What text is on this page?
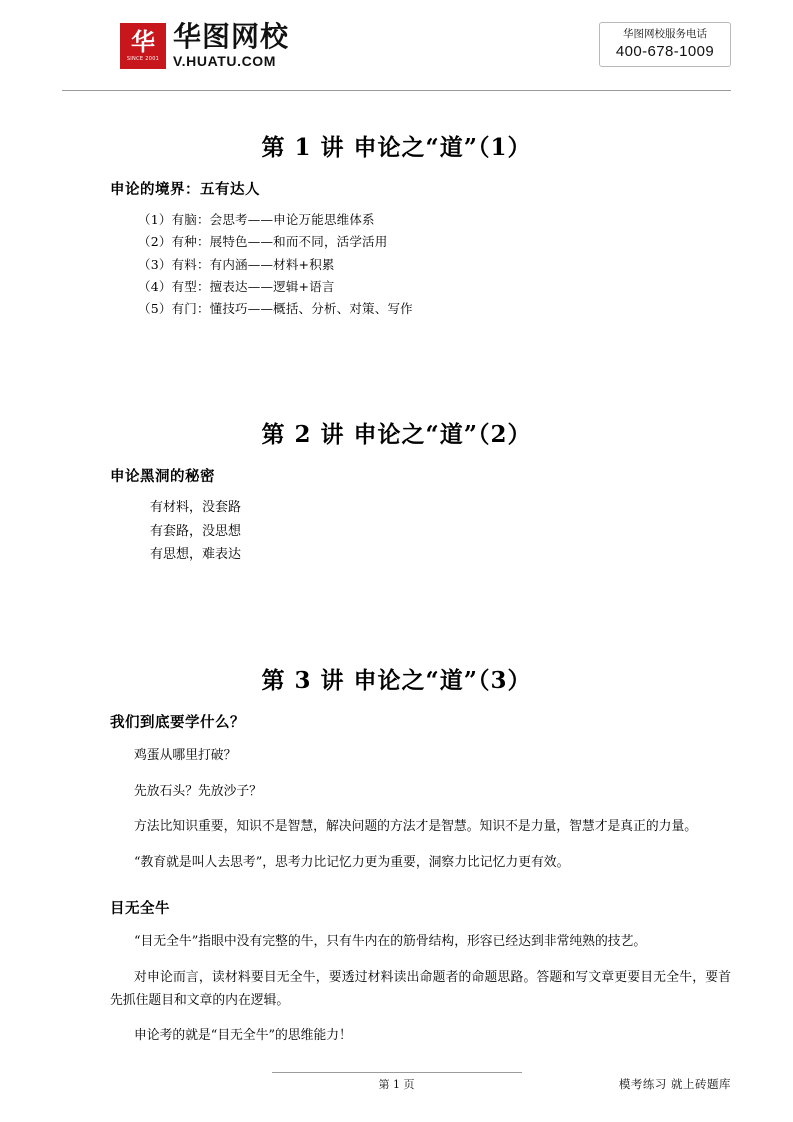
华
SINCE 2001
华图网校
V.HUATU.COM
华图网校服务电话
400-678-1009
第 1 讲 申论之“道”（1）
申论的境界：五有达人
（1）有脑：会思考——申论万能思维体系
（2）有种：展特色——和而不同，活学活用
（3）有料：有内涵——材料+积累
（4）有型：擅表达——逻辑+语言
（5）有门：懂技巧——概括、分析、对策、写作
第 2 讲 申论之“道”（2）
申论黑洞的秘密
有材料，没套路
有套路，没思想
有思想，难表达
第 3 讲 申论之“道”（3）
我们到底要学什么？

鸡蛋从哪里打破？

先放石头？先放沙子？

方法比知识重要，知识不是智慧，解决问题的方法才是智慧。知识不是力量，智慧才是真正的力量。

“教育就是叫人去思考”，思考力比记忆力更为重要，洞察力比记忆力更有效。

目无全牛

“目无全牛”指眼中没有完整的牛，只有牛内在的筋骨结构，形容已经达到非常纯熟的技艺。

对申论而言，读材料要目无全牛，要透过材料读出命题者的命题思路。答题和写文章更要目无全牛，要首先抓住题目和文章的内在逻辑。

申论考的就是“目无全牛”的思维能力！

第 1 页	模考练习 就上砖题库
